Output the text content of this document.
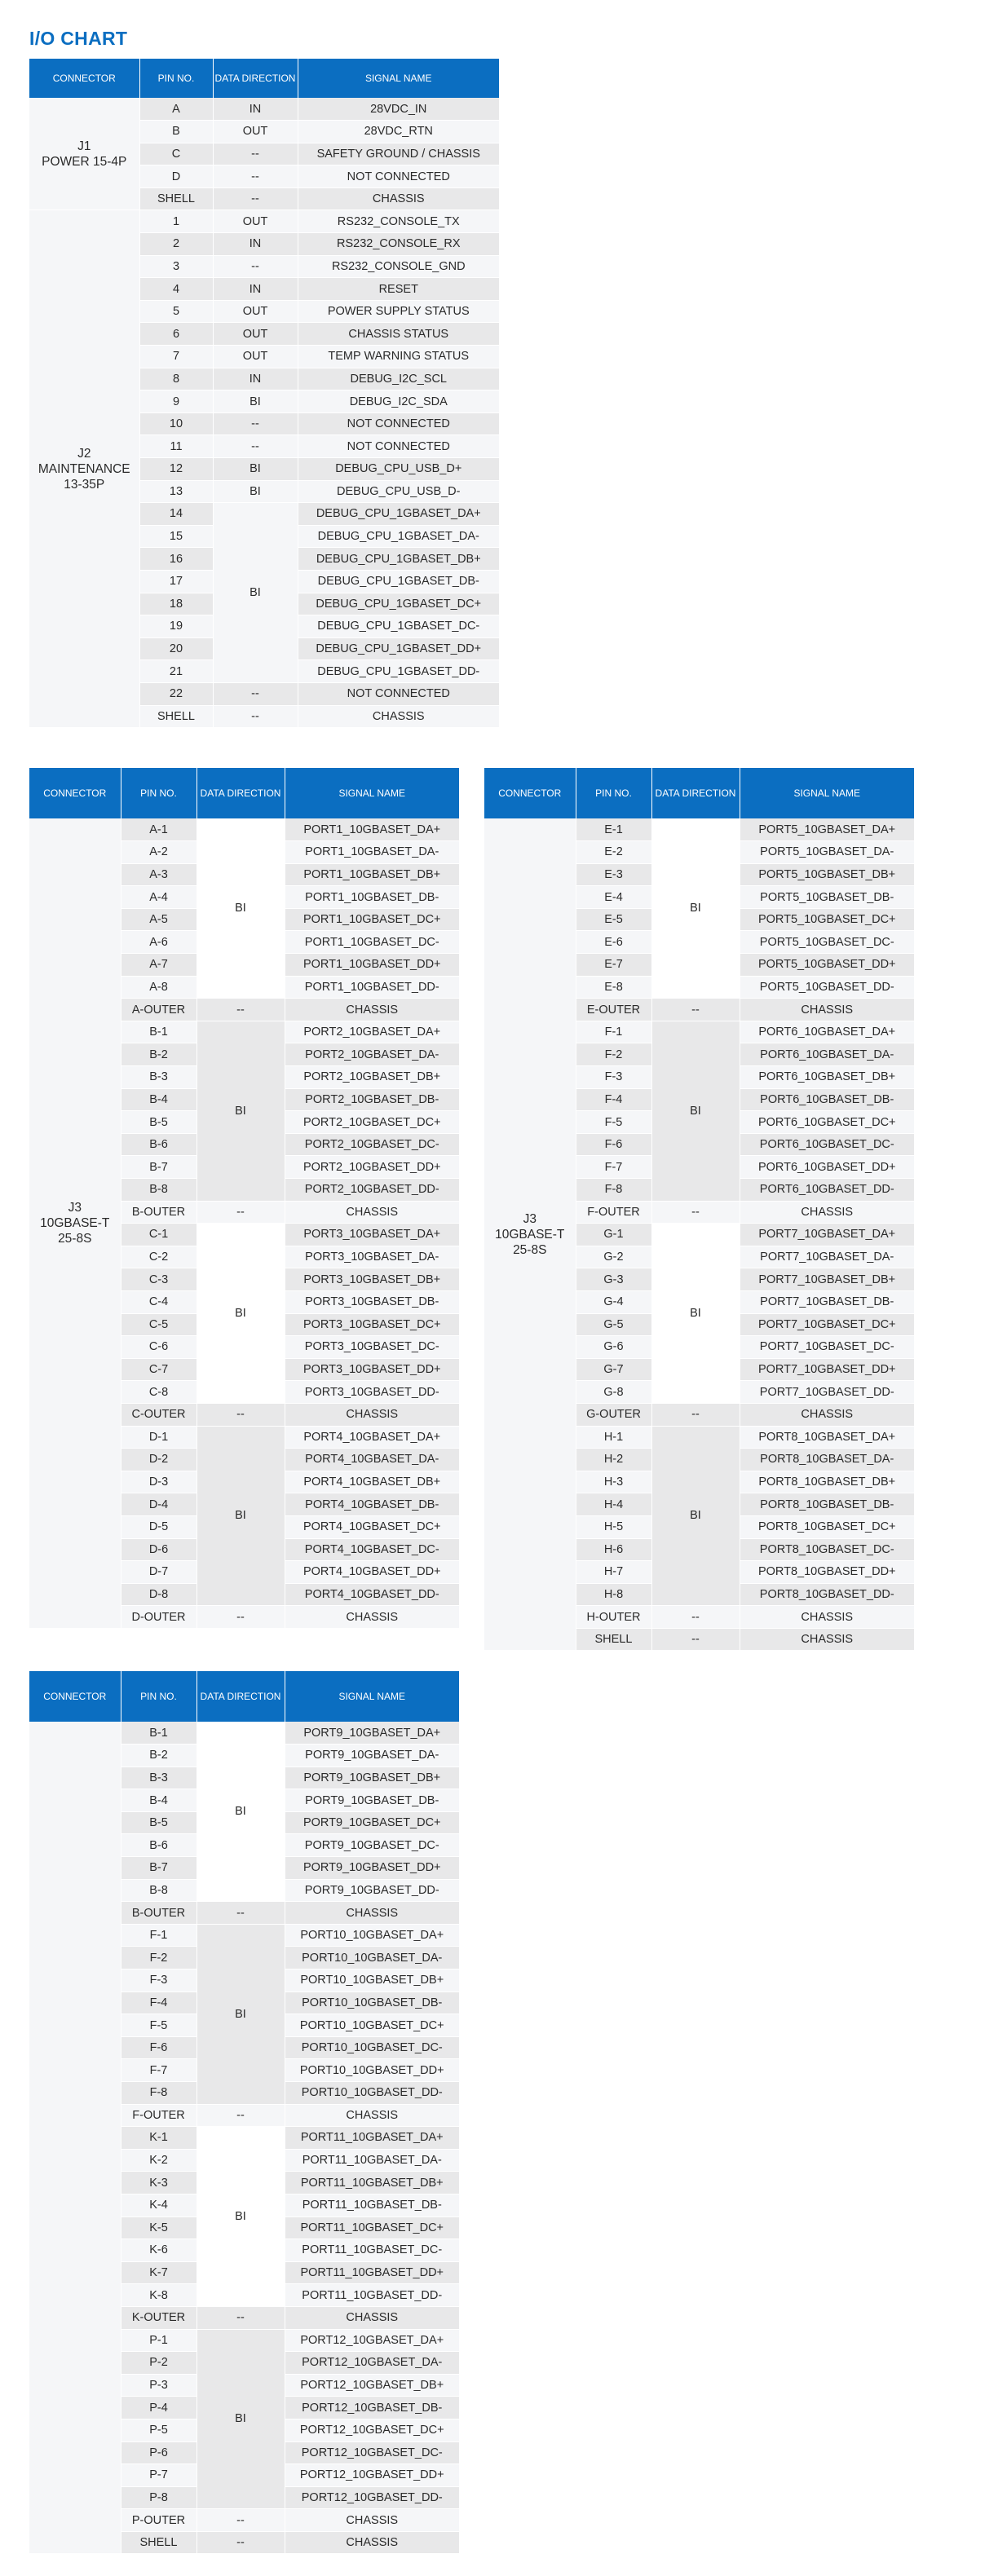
I/O CHART
CONNECTOR	PIN NO.	DATA DIRECTION	SIGNAL NAME
J1
POWER 15-4P	A	IN	28VDC_IN
	B	OUT	28VDC_RTN
	C	--	SAFETY GROUND / CHASSIS
	D	--	NOT CONNECTED
	SHELL	--	CHASSIS
J2
MAINTENANCE
13-35P	1	OUT	RS232_CONSOLE_TX
	2	IN	RS232_CONSOLE_RX
	3	--	RS232_CONSOLE_GND
	4	IN	RESET
	5	OUT	POWER SUPPLY STATUS
	6	OUT	CHASSIS STATUS
	7	OUT	TEMP WARNING STATUS
	8	IN	DEBUG_I2C_SCL
	9	BI	DEBUG_I2C_SDA
	10	--	NOT CONNECTED
	11	--	NOT CONNECTED
	12	BI	DEBUG_CPU_USB_D+
	13	BI	DEBUG_CPU_USB_D-
	14	BI	DEBUG_CPU_1GBASET_DA+
	15		DEBUG_CPU_1GBASET_DA-
	16		DEBUG_CPU_1GBASET_DB+
	17		DEBUG_CPU_1GBASET_DB-
	18		DEBUG_CPU_1GBASET_DC+
	19		DEBUG_CPU_1GBASET_DC-
	20		DEBUG_CPU_1GBASET_DD+
	21		DEBUG_CPU_1GBASET_DD-
	22	--	NOT CONNECTED
	SHELL	--	CHASSIS
CONNECTOR	PIN NO.	DATA DIRECTION	SIGNAL NAME
J3
10GBASE-T
25-8S	A-1	BI	PORT1_10GBASET_DA+
	A-2		PORT1_10GBASET_DA-
	A-3		PORT1_10GBASET_DB+
	A-4		PORT1_10GBASET_DB-
	A-5		PORT1_10GBASET_DC+
	A-6		PORT1_10GBASET_DC-
	A-7		PORT1_10GBASET_DD+
	A-8		PORT1_10GBASET_DD-
	A-OUTER	--	CHASSIS
	B-1	BI	PORT2_10GBASET_DA+
	B-2		PORT2_10GBASET_DA-
	B-3		PORT2_10GBASET_DB+
	B-4		PORT2_10GBASET_DB-
	B-5		PORT2_10GBASET_DC+
	B-6		PORT2_10GBASET_DC-
	B-7		PORT2_10GBASET_DD+
	B-8		PORT2_10GBASET_DD-
	B-OUTER	--	CHASSIS
	C-1	BI	PORT3_10GBASET_DA+
	C-2		PORT3_10GBASET_DA-
	C-3		PORT3_10GBASET_DB+
	C-4		PORT3_10GBASET_DB-
	C-5		PORT3_10GBASET_DC+
	C-6		PORT3_10GBASET_DC-
	C-7		PORT3_10GBASET_DD+
	C-8		PORT3_10GBASET_DD-
	C-OUTER	--	CHASSIS
	D-1	BI	PORT4_10GBASET_DA+
	D-2		PORT4_10GBASET_DA-
	D-3		PORT4_10GBASET_DB+
	D-4		PORT4_10GBASET_DB-
	D-5		PORT4_10GBASET_DC+
	D-6		PORT4_10GBASET_DC-
	D-7		PORT4_10GBASET_DD+
	D-8		PORT4_10GBASET_DD-
	D-OUTER	--	CHASSIS
CONNECTOR	PIN NO.	DATA DIRECTION	SIGNAL NAME
J3
10GBASE-T
25-8S	E-1	BI	PORT5_10GBASET_DA+
	E-2		PORT5_10GBASET_DA-
	E-3		PORT5_10GBASET_DB+
	E-4		PORT5_10GBASET_DB-
	E-5		PORT5_10GBASET_DC+
	E-6		PORT5_10GBASET_DC-
	E-7		PORT5_10GBASET_DD+
	E-8		PORT5_10GBASET_DD-
	E-OUTER	--	CHASSIS
	F-1	BI	PORT6_10GBASET_DA+
	F-2		PORT6_10GBASET_DA-
	F-3		PORT6_10GBASET_DB+
	F-4		PORT6_10GBASET_DB-
	F-5		PORT6_10GBASET_DC+
	F-6		PORT6_10GBASET_DC-
	F-7		PORT6_10GBASET_DD+
	F-8		PORT6_10GBASET_DD-
	F-OUTER	--	CHASSIS
	G-1	BI	PORT7_10GBASET_DA+
	G-2		PORT7_10GBASET_DA-
	G-3		PORT7_10GBASET_DB+
	G-4		PORT7_10GBASET_DB-
	G-5		PORT7_10GBASET_DC+
	G-6		PORT7_10GBASET_DC-
	G-7		PORT7_10GBASET_DD+
	G-8		PORT7_10GBASET_DD-
	G-OUTER	--	CHASSIS
	H-1	BI	PORT8_10GBASET_DA+
	H-2		PORT8_10GBASET_DA-
	H-3		PORT8_10GBASET_DB+
	H-4		PORT8_10GBASET_DB-
	H-5		PORT8_10GBASET_DC+
	H-6		PORT8_10GBASET_DC-
	H-7		PORT8_10GBASET_DD+
	H-8		PORT8_10GBASET_DD-
	H-OUTER	--	CHASSIS
	SHELL	--	CHASSIS
CONNECTOR	PIN NO.	DATA DIRECTION	SIGNAL NAME
	B-1	BI	PORT9_10GBASET_DA+
	B-2		PORT9_10GBASET_DA-
	B-3		PORT9_10GBASET_DB+
	B-4		PORT9_10GBASET_DB-
	B-5		PORT9_10GBASET_DC+
	B-6		PORT9_10GBASET_DC-
	B-7		PORT9_10GBASET_DD+
	B-8		PORT9_10GBASET_DD-
	B-OUTER	--	CHASSIS
	F-1	BI	PORT10_10GBASET_DA+
	F-2		PORT10_10GBASET_DA-
	F-3		PORT10_10GBASET_DB+
	F-4		PORT10_10GBASET_DB-
	F-5		PORT10_10GBASET_DC+
	F-6		PORT10_10GBASET_DC-
	F-7		PORT10_10GBASET_DD+
	F-8		PORT10_10GBASET_DD-
	F-OUTER	--	CHASSIS
	K-1	BI	PORT11_10GBASET_DA+
	K-2		PORT11_10GBASET_DA-
	K-3		PORT11_10GBASET_DB+
	K-4		PORT11_10GBASET_DB-
	K-5		PORT11_10GBASET_DC+
	K-6		PORT11_10GBASET_DC-
	K-7		PORT11_10GBASET_DD+
	K-8		PORT11_10GBASET_DD-
	K-OUTER	--	CHASSIS
	P-1	BI	PORT12_10GBASET_DA+
	P-2		PORT12_10GBASET_DA-
	P-3		PORT12_10GBASET_DB+
	P-4		PORT12_10GBASET_DB-
	P-5		PORT12_10GBASET_DC+
	P-6		PORT12_10GBASET_DC-
	P-7		PORT12_10GBASET_DD+
	P-8		PORT12_10GBASET_DD-
	P-OUTER	--	CHASSIS
	SHELL	--	CHASSIS
